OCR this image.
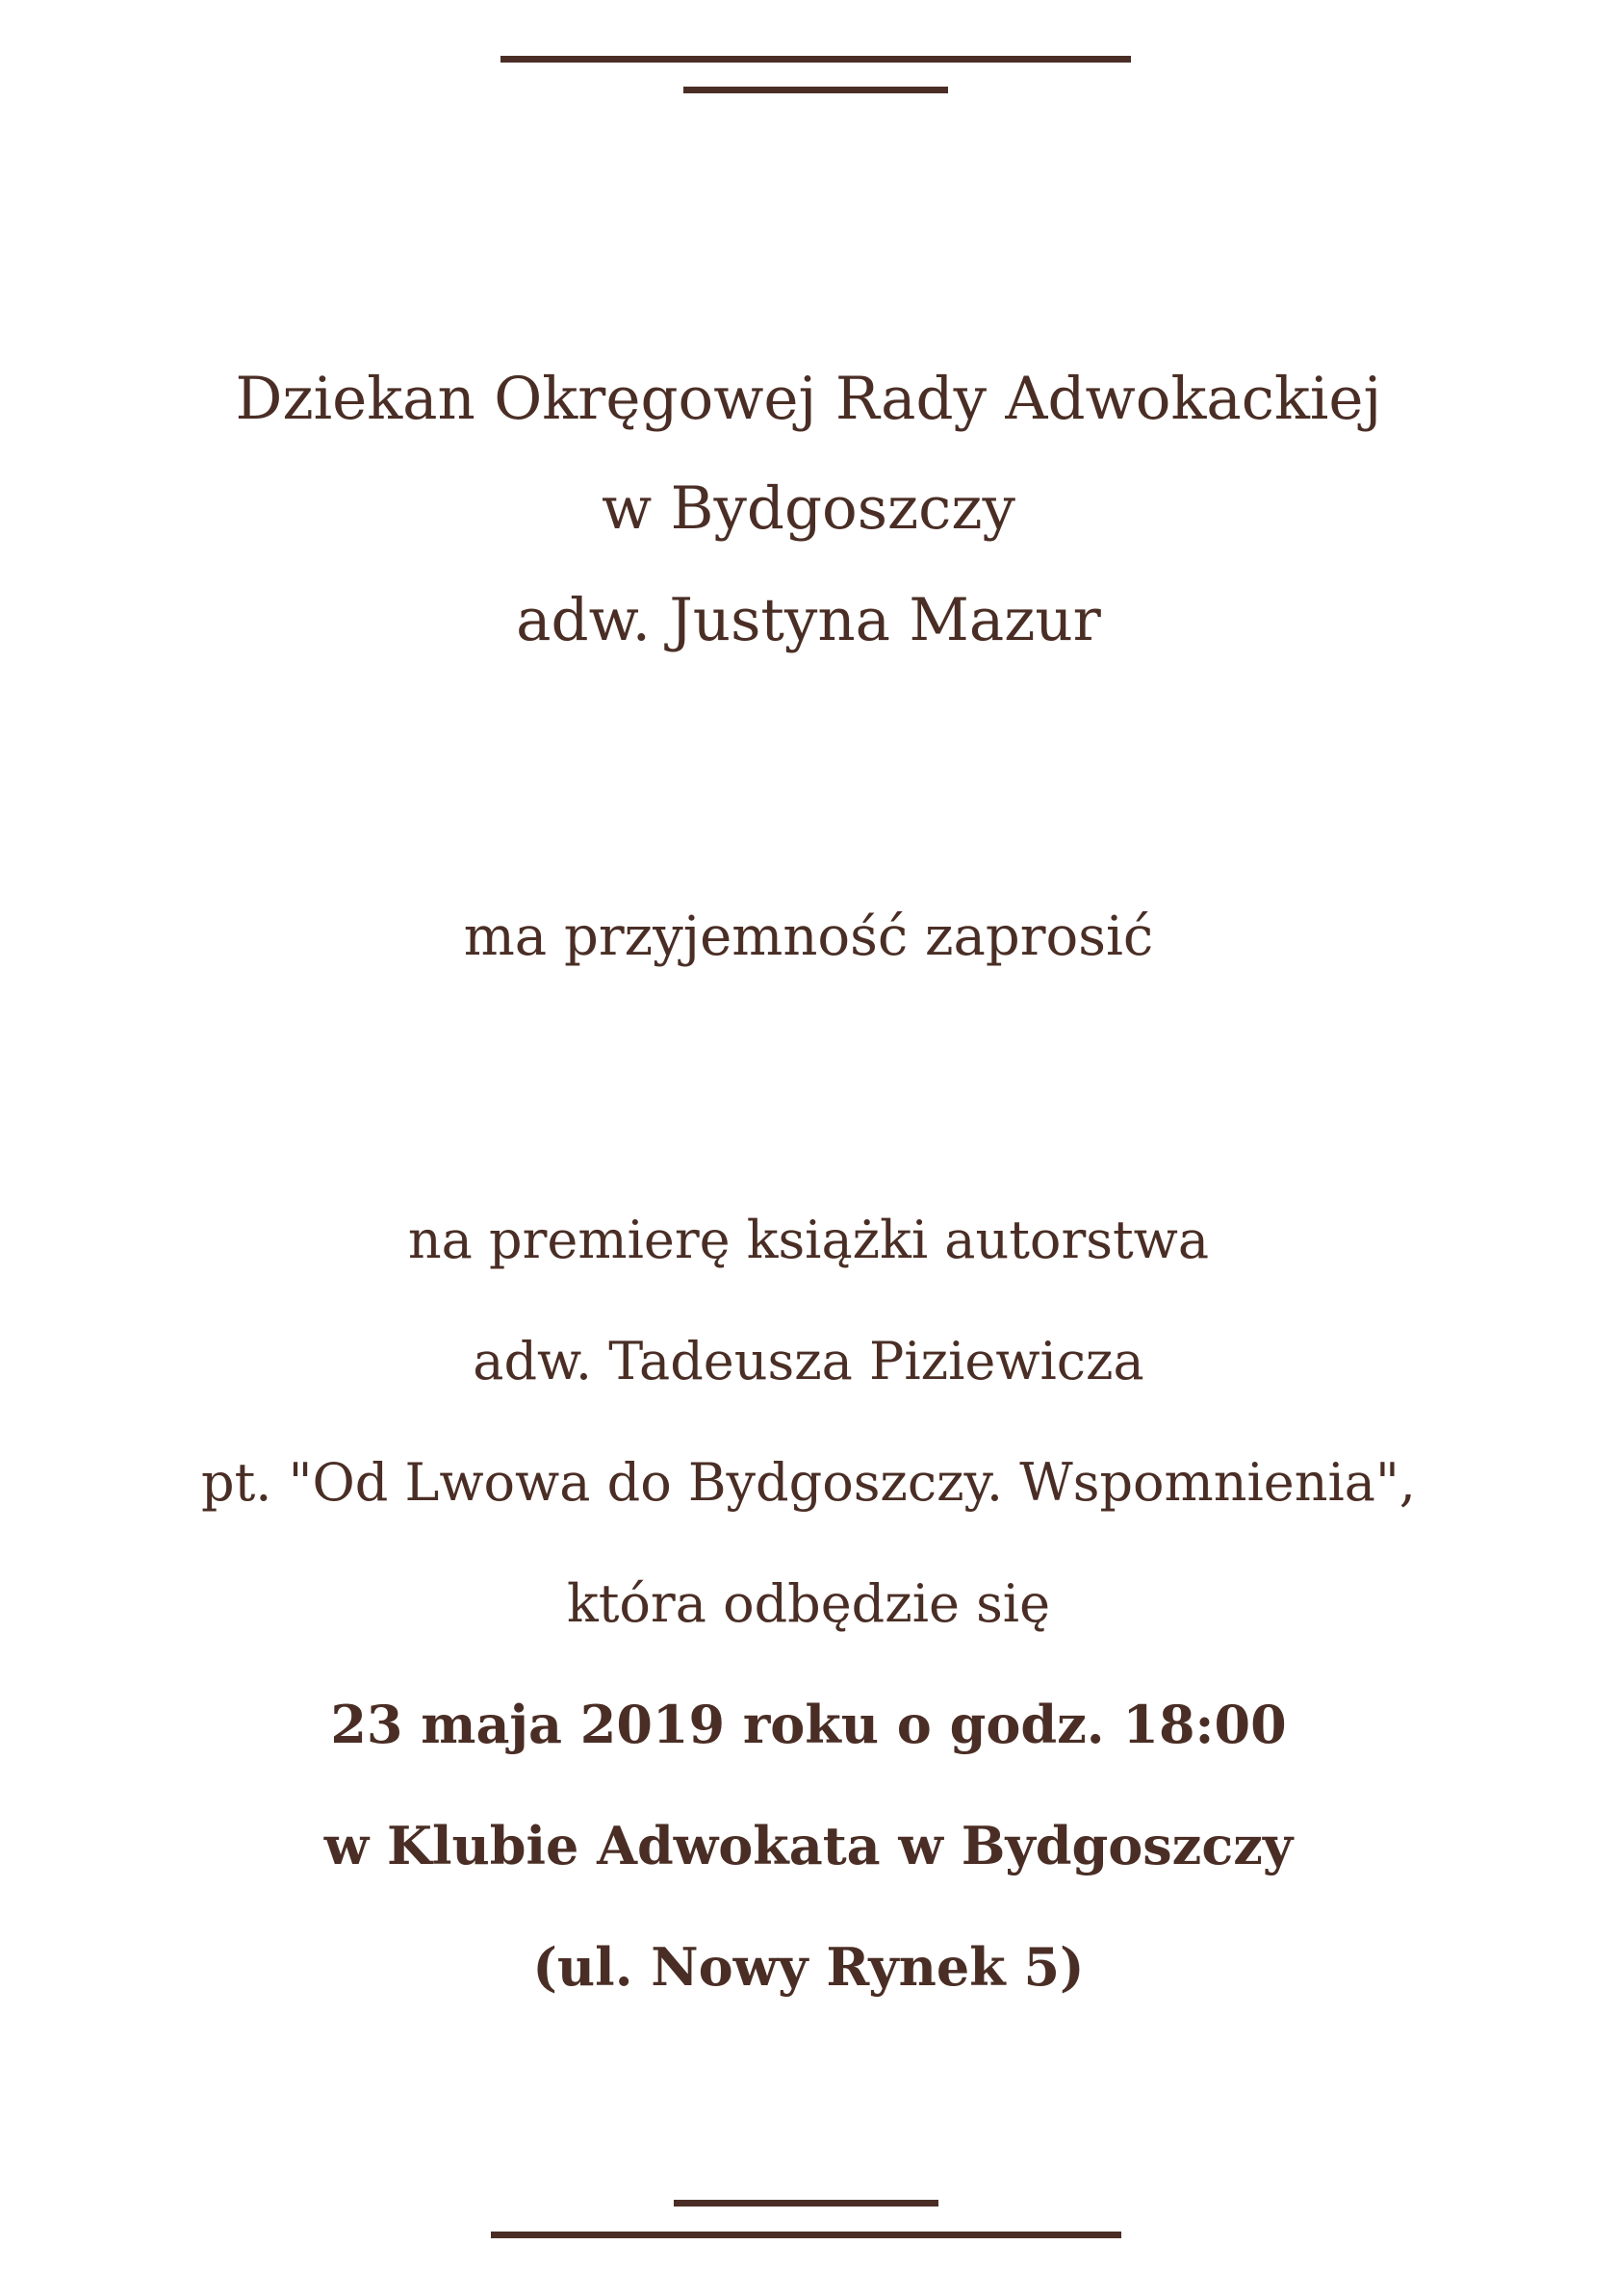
Dziekan Okręgowej Rady Adwokackiej
w Bydgoszczy
adw. Justyna Mazur
ma przyjemność zaprosić
na premierę książki autorstwa
adw. Tadeusza Piziewicza
pt. "Od Lwowa do Bydgoszczy. Wspomnienia",
która odbędzie się
23 maja 2019 roku o godz. 18:00
w Klubie Adwokata w Bydgoszczy
(ul. Nowy Rynek 5)
